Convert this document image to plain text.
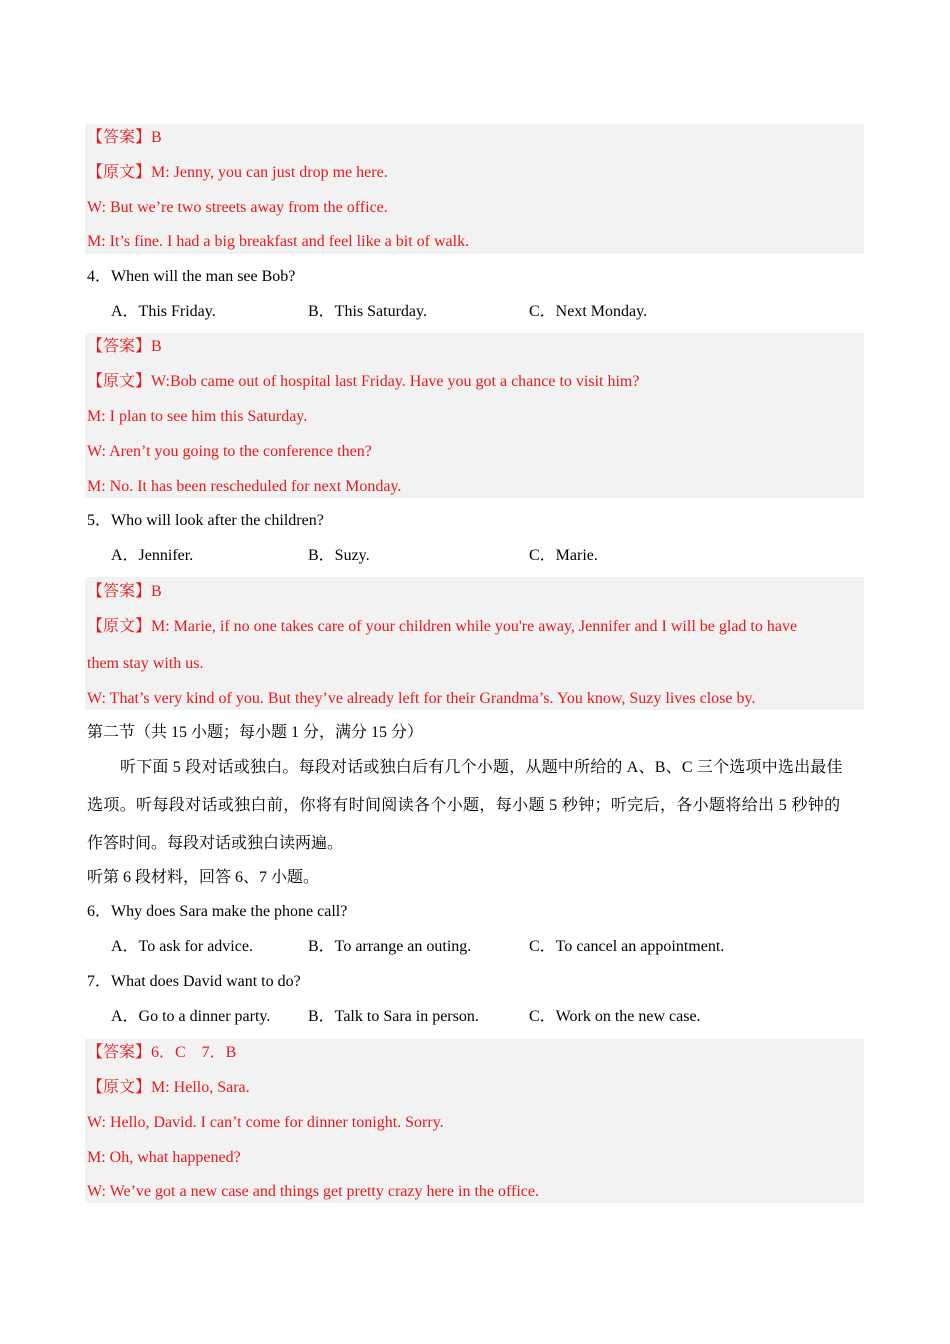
【答案】B
【原文】M: Jenny, you can just drop me here.
W: But we’re two streets away from the office.
M: It’s fine. I had a big breakfast and feel like a bit of walk.
4．When will the man see Bob?
A．This Friday.	B．This Saturday.	C．Next Monday.
【答案】B
【原文】W:Bob came out of hospital last Friday. Have you got a chance to visit him?
M: I plan to see him this Saturday.
W: Aren’t you going to the conference then?
M: No. It has been rescheduled for next Monday.
5．Who will look after the children?
A．Jennifer.	B．Suzy.	C．Marie.
【答案】B
【原文】M: Marie, if no one takes care of your children while you're away, Jennifer and I will be glad to have
them stay with us.
W: That’s very kind of you. But they’ve already left for their Grandma’s. You know, Suzy lives close by.
第二节（共 15 小题；每小题 1 分，满分 15 分）
听下面 5 段对话或独白。每段对话或独白后有几个小题，从题中所给的 A、B、C 三个选项中选出最佳
选项。听每段对话或独白前，你将有时间阅读各个小题，每小题 5 秒钟；听完后，各小题将给出 5 秒钟的
作答时间。每段对话或独白读两遍。
听第 6 段材料，回答 6、7 小题。
6．Why does Sara make the phone call?
A．To ask for advice.	B．To arrange an outing.	C．To cancel an appointment.
7．What does David want to do?
A．Go to a dinner party. B．Talk to Sara in person.	C．Work on the new case.
【答案】6．C　7．B
【原文】M: Hello, Sara.
W: Hello, David. I can’t come for dinner tonight. Sorry.
M: Oh, what happened?
W: We’ve got a new case and things get pretty crazy here in the office.
